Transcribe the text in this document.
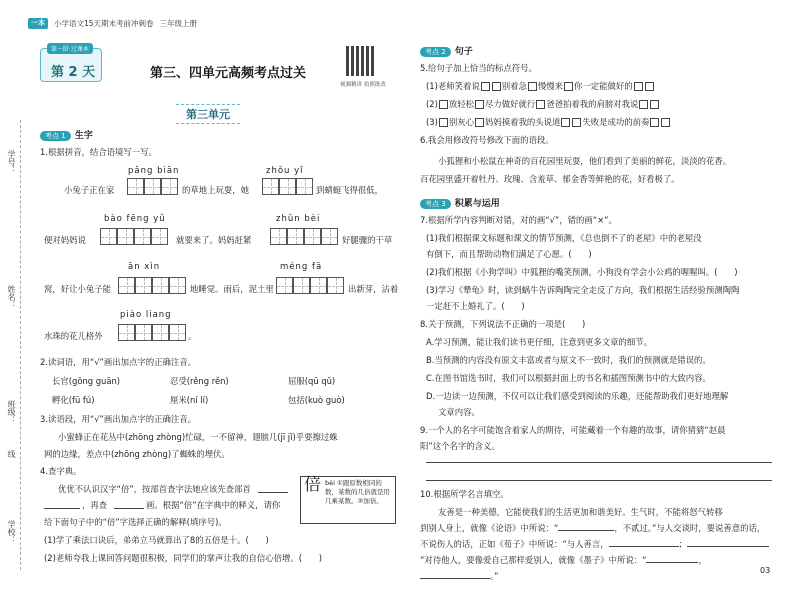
一本	小学语文15天期末考前冲刺卷 三年级上册
第一阶·过课本
第 2 天	第三、四单元高频考点过关
视频精讲 拍照批改
第三单元
学号：
姓名：
班级：
线
学校：
考点 1 生字
1.根据拼音，结合语境写一写。
pǎng biān	zhǒu yǐ
小兔子正在家	的草地上玩耍，她	到蜻蜓飞得很低，
bào fēng yǔ	zhǔn bèi
便对妈妈说	就要来了。妈妈赶紧	好腿骤的干草
ān xìn	méng fā
窝，好让小兔子能	地睡觉。雨后，泥土里	出新芽，沾着
piào liang
水珠的花儿格外	。
2.读词语，用“√”画出加点字的正确注音。
长官(gōng guān)	忍受(rěng rěn)	屈服(qū qǔ)
孵化(fū fú)	厘米(ní lí)	包括(kuò guò)
3.读语段，用“√”画出加点字的正确注音。
小蜜蜂正在花丛中(zhōng zhòng)忙碌，一不留神，翅膀几(jī jǐ)乎要擦过蛛
网的边缘，差点中(zhōng zhòng)了蜘蛛的埋伏。
4.查字典。
优优不认识汉字“倍”，按部首查字法她应该先查部首
，再查	画。根据“倍”在字典中的释义，请你
给下面句子中的“倍”字选择正确的解释(填序号)。
(1)学了乘法口诀后，弟弟立马就算出了8的五倍是十。(　　)
(2)老师夸我上课回答问题很积极，同学们的掌声让我的自信心倍增。(　　)
倍 bèi ①跟原数相同的数，某数的几倍就是用几乘某数。②加倍。
考点 2 句子
5.给句子加上恰当的标点符号。
(1)老师笑着说	别着急 慢慢来 你一定能做好的
(2) 放轻松 尽力做好就行 爸爸拍着我的肩膀对我说
(3) 别灰心 妈妈摸着我的头说道	失败是成功的前奏
6.我会用修改符号修改下面的语段。
小狐狸和小松鼠在神奇的百花园里玩耍，他们看到了美丽的鲜花，淡淡的花香。
百花园里盛开着牡丹、玫瑰、含羞草、郁金香等鲜艳的花，好看极了。
考点 3 积累与运用
7.根据所学内容判断对错，对的画“√”，错的画“×”。
(1)我们根据课文标题和课文的情节预测，《总也倒不了的老屋》中的老屋没
有倒下，而且帮助动物们满足了心愿。(　　)
(2)我们根据《小狗学叫》中狐狸的嘴笑预测，小狗没有学会小公鸡的喔喔叫。(　　)
(3)学习《犟龟》时，读到蜗牛告诉陶陶完全走反了方向，我们根据生活经验预测陶陶
一定赶不上婚礼了。(　　)
8.关于预测，下列说法不正确的一项是(　　)
A.学习预测，能让我们读书更仔细，注意到更多文章的细节。
B.当预测的内容没有原文丰富或者与原文不一致时，我们的预测就是错误的。
C.在图书馆选书时，我们可以根据封面上的书名和插图预测书中的大致内容。
D.一边读一边预测，不仅可以让我们感受到阅读的乐趣，还能帮助我们更好地理解
文章内容。
9.一个人的名字可能饱含着家人的期待，可能藏着一个有趣的故事，请你猜猜“赵晨
阳”这个名字的含义。
10.根据所学名言填空。
友善是一种美德，它能使我们的生活更加和谐美好。生气时，不能将怒气转移
到别人身上，就像《论语》中所说：“	，不贰过。”与人交谈时，要说善意的话，
不说伤人的话，正如《荀子》中所说：“与人善言，	；
”对待他人，要像爱自己那样爱别人，就像《墨子》中所说：“	，
。”
03
